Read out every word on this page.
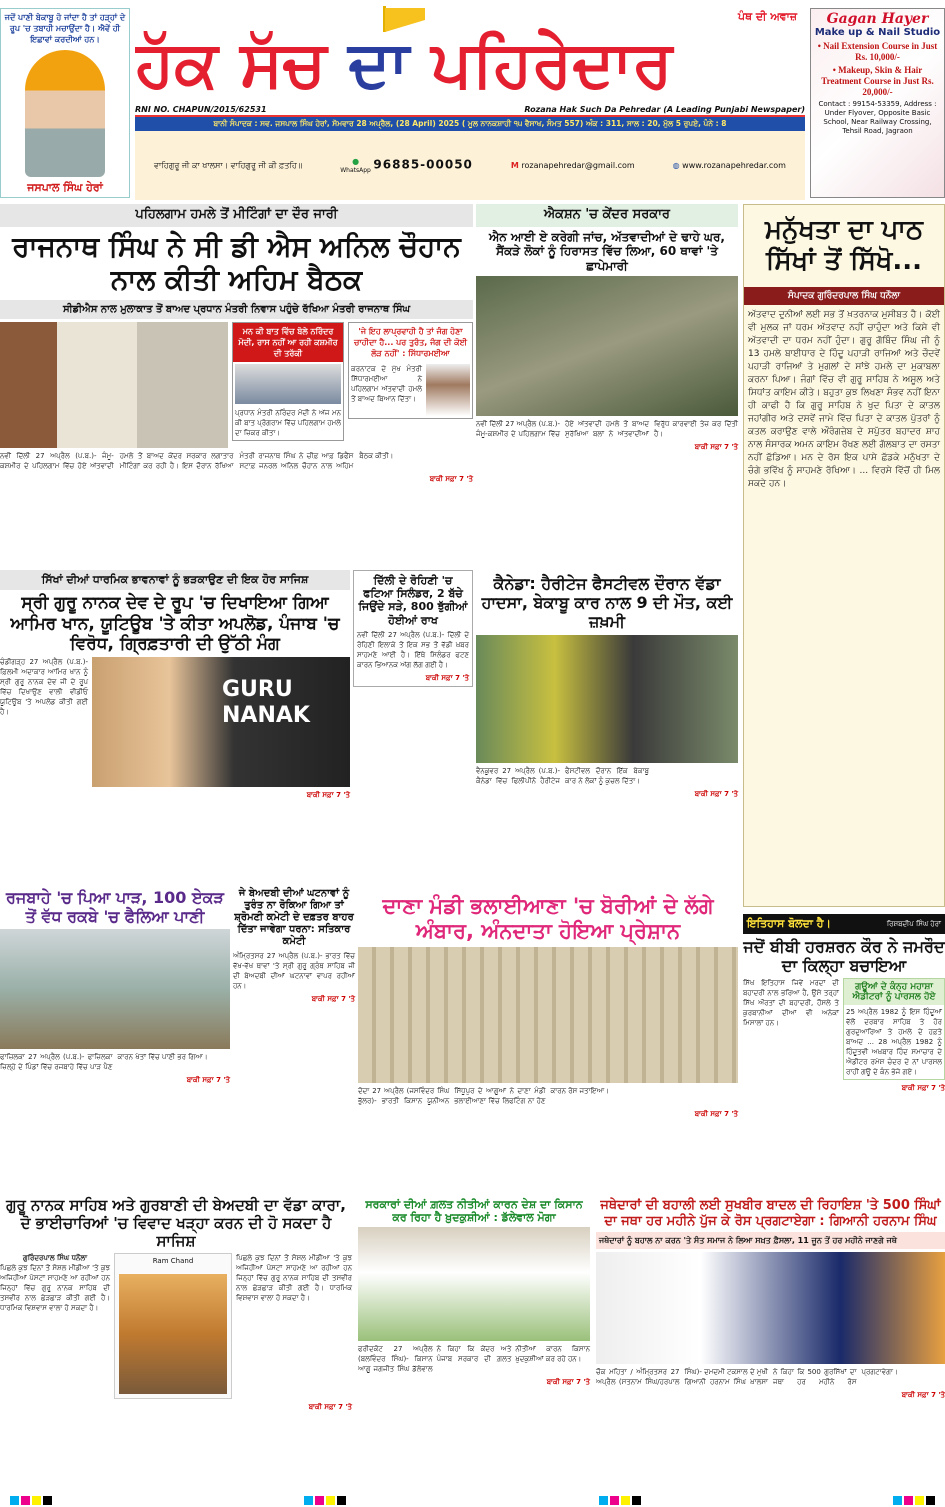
ਜਦੋਂ ਪਾਣੀ ਬੇਕਾਬੂ ਹੋ ਜਾਂਦਾ ਹੈ ਤਾਂ ਹੜ੍ਹਾਂ ਦੇ ਰੂਪ 'ਚ ਤਬਾਹੀ ਮਚਾਉਂਦਾ ਹੈ। ਐਵੇਂ ਹੀ ਇਛਾਵਾਂ ਕਰਦੀਆਂ ਹਨ।
ਜਸਪਾਲ ਸਿੰਘ ਹੇਰਾਂ
ਪੰਥ ਦੀ ਅਵਾਜ਼
ਹੱਕ ਸੱਚ ਦਾ ਪਹਿਰੇਦਾਰ
RNI NO. CHAPUN/2015/62531	Rozana Hak Such Da Pehredar (A Leading Punjabi Newspaper)
ਬਾਨੀ ਸੰਪਾਦਕ : ਸਵ. ਜਸਪਾਲ ਸਿੰਘ ਹੇਰਾਂ, ਸੋਮਵਾਰ 28 ਅਪ੍ਰੈਲ, (28 April) 2025 ( ਮੂਲ ਨਾਨਕਸ਼ਾਹੀ ੧੫ ਵੈਸਾਖ, ਸੰਮਤ 557) ਅੰਕ : 311, ਸਾਲ : 20, ਮੁੱਲ 5 ਰੁਪਏ, ਪੰਨੇ : 8
ਵਾਹਿਗੁਰੂ ਜੀ ਕਾ ਖਾਲਸਾ। ਵਾਹਿਗੁਰੂ ਜੀ ਕੀ ਫ਼ਤਹਿ॥	●
WhatsApp 96885-00050	M rozanapehredar@gmail.com	◍ www.rozanapehredar.com
Gagan Hayer
Make up & Nail Studio
• Nail Extension Course in Just Rs. 10,000/-
• Makeup, Skin & Hair Treatment Course in Just Rs. 20,000/-
Contact : 99154-53359, Address : Under Flyover, Opposite Basic School, Near Railway Crossing, Tehsil Road, Jagraon
ਪਹਿਲਗਾਮ ਹਮਲੇ ਤੋਂ ਮੀਟਿੰਗਾਂ ਦਾ ਦੌਰ ਜਾਰੀ
ਰਾਜਨਾਥ ਸਿੰਘ ਨੇ ਸੀ ਡੀ ਐਸ ਅਨਿਲ ਚੌਹਾਨ ਨਾਲ ਕੀਤੀ ਅਹਿਮ ਬੈਠਕ
ਸੀਡੀਐਸ ਨਾਲ ਮੁਲਾਕਾਤ ਤੋਂ ਬਾਅਦ ਪ੍ਰਧਾਨ ਮੰਤਰੀ ਨਿਵਾਸ ਪਹੁੰਚੇ ਰੱਖਿਆ ਮੰਤਰੀ ਰਾਜਨਾਥ ਸਿੰਘ
ਮਨ ਕੀ ਬਾਤ ਵਿੱਚ ਬੋਲੇ ਨਰਿੰਦਰ ਮੋਦੀ, ਰਾਸ ਨਹੀਂ ਆ ਰਹੀ ਕਸ਼ਮੀਰ ਦੀ ਤਰੱਕੀ
ਪ੍ਰਧਾਨ ਮੰਤਰੀ ਨਰਿੰਦਰ ਮੋਦੀ ਨੇ ਅੱਜ ਮਨ ਕੀ ਬਾਤ ਪ੍ਰੋਗਰਾਮ ਵਿੱਚ ਪਹਿਲਗਾਮ ਹਮਲੇ ਦਾ ਜ਼ਿਕਰ ਕੀਤਾ।
'ਜੇ ਇਹ ਲਾਪ੍ਰਵਾਹੀ ਹੈ ਤਾਂ ਜੰਗ ਹੋਣਾ ਚਾਹੀਦਾ ਹੈ... ਪਰ ਤੁਰੰਤ, ਜੰਗ ਦੀ ਕੋਈ ਲੋੜ ਨਹੀਂ' : ਸਿੱਧਾਰਮਈਆ
ਕਰਨਾਟਕ ਦੇ ਮੁੱਖ ਮੰਤਰੀ ਸਿੱਧਾਰਮਈਆ ਨੇ ਪਹਿਲਗਾਮ ਅੱਤਵਾਦੀ ਹਮਲੇ ਤੋਂ ਬਾਅਦ ਬਿਆਨ ਦਿੱਤਾ।
ਨਵੀਂ ਦਿੱਲੀ 27 ਅਪ੍ਰੈਲ (ਪ.ਬ.)- ਜੰਮੂ-ਕਸ਼ਮੀਰ ਦੇ ਪਹਿਲਗਾਮ ਵਿੱਚ ਹੋਏ ਅੱਤਵਾਦੀ ਹਮਲੇ ਤੋਂ ਬਾਅਦ ਕੇਂਦਰ ਸਰਕਾਰ ਲਗਾਤਾਰ ਮੀਟਿੰਗਾਂ ਕਰ ਰਹੀ ਹੈ। ਇਸ ਦੌਰਾਨ ਰੱਖਿਆ ਮੰਤਰੀ ਰਾਜਨਾਥ ਸਿੰਘ ਨੇ ਚੀਫ਼ ਆਫ਼ ਡਿਫੈਂਸ ਸਟਾਫ਼ ਜਨਰਲ ਅਨਿਲ ਚੌਹਾਨ ਨਾਲ ਅਹਿਮ ਬੈਠਕ ਕੀਤੀ।
ਬਾਕੀ ਸਫ਼ਾ 7 'ਤੇ
ਐਕਸ਼ਨ 'ਚ ਕੇਂਦਰ ਸਰਕਾਰ
ਐਨ ਆਈ ਏ ਕਰੇਗੀ ਜਾਂਚ, ਅੱਤਵਾਦੀਆਂ ਦੇ ਢਾਹੇ ਘਰ, ਸੈਂਕੜੇ ਲੋਕਾਂ ਨੂੰ ਹਿਰਾਸਤ ਵਿੱਚ ਲਿਆ, 60 ਥਾਵਾਂ 'ਤੇ ਛਾਪੇਮਾਰੀ
ਨਵੀਂ ਦਿੱਲੀ 27 ਅਪ੍ਰੈਲ (ਪ.ਬ.)- ਜੰਮੂ-ਕਸ਼ਮੀਰ ਦੇ ਪਹਿਲਗਾਮ ਵਿੱਚ ਹੋਏ ਅੱਤਵਾਦੀ ਹਮਲੇ ਤੋਂ ਬਾਅਦ ਸੁਰੱਖਿਆ ਬਲਾਂ ਨੇ ਅੱਤਵਾਦੀਆਂ ਵਿਰੁੱਧ ਕਾਰਵਾਈ ਤੇਜ਼ ਕਰ ਦਿੱਤੀ ਹੈ।
ਬਾਕੀ ਸਫ਼ਾ 7 'ਤੇ
ਮਨੁੱਖਤਾ ਦਾ ਪਾਠ ਸਿੱਖਾਂ ਤੋਂ ਸਿੱਖੋ...
ਸੰਪਾਦਕ ਗੁਰਿੰਦਰਪਾਲ ਸਿੰਘ ਧਨੌਲਾ
ਅੱਤਵਾਦ ਦੁਨੀਆਂ ਲਈ ਸਭ ਤੋਂ ਖ਼ਤਰਨਾਕ ਮੁਸੀਬਤ ਹੈ। ਕੋਈ ਵੀ ਮੁਲਕ ਜਾਂ ਧਰਮ ਅੱਤਵਾਦ ਨਹੀਂ ਚਾਹੁੰਦਾ ਅਤੇ ਕਿਸੇ ਵੀ ਅੱਤਵਾਦੀ ਦਾ ਧਰਮ ਨਹੀਂ ਹੁੰਦਾ। ਗੁਰੂ ਗੋਬਿੰਦ ਸਿੰਘ ਜੀ ਨੂੰ 13 ਹਮਲੇ ਬਾਈਧਾਰ ਦੇ ਹਿੰਦੂ ਪਹਾੜੀ ਰਾਜਿਆਂ ਅਤੇ ਚੌਦਵੇਂ ਪਹਾੜੀ ਰਾਜਿਆਂ ਤੇ ਮੁਗਲਾਂ ਦੇ ਸਾਂਝੇ ਹਮਲੇ ਦਾ ਮੁਕਾਬਲਾ ਕਰਨਾ ਪਿਆ। ਜੰਗਾਂ ਵਿੱਚ ਵੀ ਗੁਰੂ ਸਾਹਿਬ ਨੇ ਅਸੂਲ ਅਤੇ ਸਿਧਾਂਤ ਕਾਇਮ ਕੀਤੇ। ਬਹੁਤਾ ਕੁਝ ਲਿਖਣਾ ਸੰਭਵ ਨਹੀਂ ਇਨਾ ਹੀ ਕਾਫੀ ਹੈ ਕਿ ਗੁਰੂ ਸਾਹਿਬ ਨੇ ਖੁਦ ਪਿਤਾ ਦੇ ਕਾਤਲ ਜਹਾਂਗੀਰ ਅਤੇ ਦਸਵੇਂ ਜਾਮੇ ਵਿੱਚ ਪਿਤਾ ਦੇ ਕਾਤਲ ਪੁੱਤਰਾਂ ਨੂੰ ਕਤਲ ਕਰਾਉਣ ਵਾਲੇ ਔਰੰਗਜ਼ੇਬ ਦੇ ਸਪੁੱਤਰ ਬਹਾਦਰ ਸ਼ਾਹ ਨਾਲ ਸੰਸਾਰਕ ਅਮਨ ਕਾਇਮ ਰੱਖਣ ਲਈ ਗੱਲਬਾਤ ਦਾ ਰਸਤਾ ਨਹੀਂ ਛੱਡਿਆ। ਮਨ ਦੇ ਰੋਸ ਇਕ ਪਾਸੇ ਛੱਡਕੇ ਮਨੁੱਖਤਾ ਦੇ ਚੰਗੇ ਭਵਿੱਖ ਨੂੰ ਸਾਹਮਣੇ ਰੱਖਿਆ। ... ਵਿਰਸੇ ਵਿੱਚੋਂ ਹੀ ਮਿਲ ਸਕਦੇ ਹਨ।
ਸਿੱਖਾਂ ਦੀਆਂ ਧਾਰਮਿਕ ਭਾਵਨਾਵਾਂ ਨੂੰ ਭੜਕਾਉਣ ਦੀ ਇਕ ਹੋਰ ਸਾਜਿਸ਼
ਸ੍ਰੀ ਗੁਰੂ ਨਾਨਕ ਦੇਵ ਦੇ ਰੂਪ 'ਚ ਦਿਖਾਇਆ ਗਿਆ ਆਮਿਰ ਖਾਨ, ਯੂਟਿਊਬ 'ਤੇ ਕੀਤਾ ਅਪਲੋਡ, ਪੰਜਾਬ 'ਚ ਵਿਰੋਧ, ਗ੍ਰਿਫ਼ਤਾਰੀ ਦੀ ਉੱਠੀ ਮੰਗ
ਚੰਡੀਗੜ੍ਹ 27 ਅਪ੍ਰੈਲ (ਪ.ਬ.)- ਫ਼ਿਲਮੀ ਅਦਾਕਾਰ ਆਮਿਰ ਖਾਨ ਨੂੰ ਸ੍ਰੀ ਗੁਰੂ ਨਾਨਕ ਦੇਵ ਜੀ ਦੇ ਰੂਪ ਵਿੱਚ ਦਿਖਾਉਣ ਵਾਲੀ ਵੀਡੀਓ ਯੂਟਿਊਬ 'ਤੇ ਅਪਲੋਡ ਕੀਤੀ ਗਈ ਹੈ।
GURU NANAK
ਬਾਕੀ ਸਫ਼ਾ 7 'ਤੇ
ਦਿੱਲੀ ਦੇ ਰੋਹਿਣੀ 'ਚ ਫਟਿਆ ਸਿਲੰਡਰ, 2 ਬੱਚੇ ਜਿਉਂਦੇ ਸੜੇ, 800 ਝੁੱਗੀਆਂ ਹੋਈਆਂ ਰਾਖ
ਨਵੀਂ ਦਿੱਲੀ 27 ਅਪ੍ਰੈਲ (ਪ.ਬ.)- ਦਿੱਲੀ ਦੇ ਰੋਹਿਣੀ ਇਲਾਕੇ ਤੋਂ ਇਕ ਸਭ ਤੋਂ ਵੱਡੀ ਖ਼ਬਰ ਸਾਹਮਣੇ ਆਈ ਹੈ। ਇੱਥੇ ਸਿਲੰਡਰ ਫਟਣ ਕਾਰਨ ਭਿਆਨਕ ਅੱਗ ਲੱਗ ਗਈ ਹੈ।
ਬਾਕੀ ਸਫ਼ਾ 7 'ਤੇ
ਕੈਨੇਡਾ: ਹੈਰੀਟੇਜ ਫੈਸਟੀਵਲ ਦੌਰਾਨ ਵੱਡਾ ਹਾਦਸਾ, ਬੇਕਾਬੂ ਕਾਰ ਨਾਲ 9 ਦੀ ਮੌਤ, ਕਈ ਜ਼ਖ਼ਮੀ
ਵੈਨਕੂਵਰ 27 ਅਪ੍ਰੈਲ (ਪ.ਬ.)- ਕੈਨੇਡਾ ਵਿੱਚ ਫਿਲੀਪੀਨੋ ਹੈਰੀਟੇਜ ਫੈਸਟੀਵਲ ਦੌਰਾਨ ਇੱਕ ਬੇਕਾਬੂ ਕਾਰ ਨੇ ਲੋਕਾਂ ਨੂੰ ਕੁਚਲ ਦਿੱਤਾ।
ਬਾਕੀ ਸਫ਼ਾ 7 'ਤੇ
ਰਜਬਾਹੇ 'ਚ ਪਿਆ ਪਾੜ, 100 ਏਕੜ ਤੋਂ ਵੱਧ ਰਕਬੇ 'ਚ ਫੈਲਿਆ ਪਾਣੀ
ਫਾਜ਼ਿਲਕਾ 27 ਅਪ੍ਰੈਲ (ਪ.ਬ.)- ਫਾਜ਼ਿਲਕਾ ਜ਼ਿਲ੍ਹੇ ਦੇ ਪਿੰਡਾਂ ਵਿੱਚ ਰਜਬਾਹੇ ਵਿੱਚ ਪਾੜ ਪੈਣ ਕਾਰਨ ਖੇਤਾਂ ਵਿੱਚ ਪਾਣੀ ਭਰ ਗਿਆ।
ਬਾਕੀ ਸਫ਼ਾ 7 'ਤੇ
ਜੇ ਬੇਅਦਬੀ ਦੀਆਂ ਘਟਨਾਵਾਂ ਨੂੰ ਤੁਰੰਤ ਨਾ ਰੋਕਿਆ ਗਿਆ ਤਾਂ ਸ਼੍ਰੋਮਣੀ ਕਮੇਟੀ ਦੇ ਦਫ਼ਤਰ ਬਾਹਰ ਦਿੱਤਾ ਜਾਵੇਗਾ ਧਰਨਾ: ਸਤਿਕਾਰ ਕਮੇਟੀ
ਅੰਮ੍ਰਿਤਸਰ 27 ਅਪ੍ਰੈਲ (ਪ.ਬ.)- ਭਾਰਤ ਵਿੱਚ ਵੱਖ-ਵੱਖ ਥਾਵਾਂ 'ਤੇ ਸ੍ਰੀ ਗੁਰੂ ਗ੍ਰੰਥ ਸਾਹਿਬ ਜੀ ਦੀ ਬੇਅਦਬੀ ਦੀਆਂ ਘਟਨਾਵਾਂ ਵਾਪਰ ਰਹੀਆਂ ਹਨ।
ਬਾਕੀ ਸਫ਼ਾ 7 'ਤੇ
ਦਾਣਾ ਮੰਡੀ ਭਲਾਈਆਣਾ 'ਚ ਬੋਰੀਆਂ ਦੇ ਲੱਗੇ ਅੰਬਾਰ, ਅੰਨਦਾਤਾ ਹੋਇਆ ਪ੍ਰੇਸ਼ਾਨ
ਦੋਦਾ 27 ਅਪ੍ਰੈਲ (ਜਸਵਿੰਦਰ ਸਿੰਘ ਭੁੱਲਰ)- ਭਾਰਤੀ ਕਿਸਾਨ ਯੂਨੀਅਨ ਸਿੱਧੂਪੁਰ ਦੇ ਆਗੂਆਂ ਨੇ ਦਾਣਾ ਮੰਡੀ ਭਲਾਈਆਣਾ ਵਿੱਚ ਲਿਫਟਿੰਗ ਨਾ ਹੋਣ ਕਾਰਨ ਰੋਸ ਜਤਾਇਆ।
ਬਾਕੀ ਸਫ਼ਾ 7 'ਤੇ
ਇਤਿਹਾਸ ਬੋਲਦਾ ਹੈ।	ਰਿਸ਼ਬਦੀਪ ਸਿੰਘ ਹੇਰਾਂ
ਜਦੋਂ ਬੀਬੀ ਹਰਸ਼ਰਨ ਕੌਰ ਨੇ ਜਮਰੌਦ ਦਾ ਕਿਲ੍ਹਾ ਬਚਾਇਆ
ਸਿੱਖ ਇਤਿਹਾਸ ਜਿਵੇਂ ਮਰਦਾਂ ਦੀ ਬਹਾਦਰੀ ਨਾਲ ਭਰਿਆ ਹੈ, ਉਸੇ ਤਰ੍ਹਾਂ ਸਿੱਖ ਔਰਤਾਂ ਦੀ ਬਹਾਦਰੀ, ਹੌਸਲੇ ਤੇ ਕੁਰਬਾਨੀਆਂ ਦੀਆਂ ਵੀ ਅਨੇਕਾਂ ਮਿਸਾਲਾਂ ਹਨ।
ਗਊਆਂ ਦੇ ਕੰਨ੍ਹ ਮਹਾਸ਼ਾ ਐਡੀਟਰਾਂ ਨੂੰ ਪਾਰਸਲ ਹੋਏ
25 ਅਪ੍ਰੈਲ 1982 ਨੂੰ ਇਸ ਹਿੰਦੂਆਂ ਵੱਲੋਂ ਦਰਬਾਰ ਸਾਹਿਬ ਤੇ ਹੋਰ ਗੁਰਦੁਆਰਿਆਂ ਤੇ ਹਮਲੇ ਦੇ ਹਫ਼ਤੇ ਬਾਅਦ ... 28 ਅਪ੍ਰੈਲ 1982 ਨੂੰ ਹਿੰਦੂਤਵੀ ਅਖ਼ਬਾਰ ਹਿੰਦ ਸਮਾਚਾਰ ਦੇ ਐਡੀਟਰ ਰਮੇਸ਼ ਚੰਦਰ ਦੇ ਨਾਂ ਪਾਰਸਲ ਰਾਹੀਂ ਗਊ ਦੇ ਕੰਨ ਭੇਜੇ ਗਏ।
ਬਾਕੀ ਸਫ਼ਾ 7 'ਤੇ
ਗੁਰੂ ਨਾਨਕ ਸਾਹਿਬ ਅਤੇ ਗੁਰਬਾਣੀ ਦੀ ਬੇਅਦਬੀ ਦਾ ਵੱਡਾ ਕਾਰਾ, ਦੋ ਭਾਈਚਾਰਿਆਂ 'ਚ ਵਿਵਾਦ ਖੜ੍ਹਾ ਕਰਨ ਦੀ ਹੋ ਸਕਦਾ ਹੈ ਸਾਜਿਸ਼
ਗੁਰਿੰਦਰਪਾਲ ਸਿੰਘ ਧਨੌਲਾ
ਪਿਛਲੇ ਕੁਝ ਦਿਨਾਂ ਤੋਂ ਸੋਸ਼ਲ ਮੀਡੀਆ 'ਤੇ ਕੁਝ ਅਜਿਹੀਆਂ ਪੋਸਟਾਂ ਸਾਹਮਣੇ ਆ ਰਹੀਆਂ ਹਨ ਜਿਨ੍ਹਾਂ ਵਿੱਚ ਗੁਰੂ ਨਾਨਕ ਸਾਹਿਬ ਦੀ ਤਸਵੀਰ ਨਾਲ ਛੇੜਛਾੜ ਕੀਤੀ ਗਈ ਹੈ। ਧਾਰਮਿਕ ਵਿਸ਼ਵਾਸ ਵਾਲਾ ਹੋ ਸਕਦਾ ਹੈ।
Ram Chand	ਪਿਛਲੇ ਕੁਝ ਦਿਨਾਂ ਤੋਂ ਸੋਸ਼ਲ ਮੀਡੀਆ 'ਤੇ ਕੁਝ ਅਜਿਹੀਆਂ ਪੋਸਟਾਂ ਸਾਹਮਣੇ ਆ ਰਹੀਆਂ ਹਨ ਜਿਨ੍ਹਾਂ ਵਿੱਚ ਗੁਰੂ ਨਾਨਕ ਸਾਹਿਬ ਦੀ ਤਸਵੀਰ ਨਾਲ ਛੇੜਛਾੜ ਕੀਤੀ ਗਈ ਹੈ। ਧਾਰਮਿਕ ਵਿਸ਼ਵਾਸ ਵਾਲਾ ਹੋ ਸਕਦਾ ਹੈ।
ਬਾਕੀ ਸਫ਼ਾ 7 'ਤੇ
ਸਰਕਾਰਾਂ ਦੀਆਂ ਗ਼ਲਤ ਨੀਤੀਆਂ ਕਾਰਨ ਦੇਸ਼ ਦਾ ਕਿਸਾਨ ਕਰ ਰਿਹਾ ਹੈ ਖ਼ੁਦਕੁਸ਼ੀਆਂ : ਡੱਲੇਵਾਲ ਮੋਗਾ
ਫਰੀਦਕੋਟ 27 ਅਪ੍ਰੈਲ (ਬਲਵਿੰਦਰ ਸਿੰਘ)- ਕਿਸਾਨ ਆਗੂ ਜਗਜੀਤ ਸਿੰਘ ਡੱਲੇਵਾਲ ਨੇ ਕਿਹਾ ਕਿ ਕੇਂਦਰ ਅਤੇ ਪੰਜਾਬ ਸਰਕਾਰ ਦੀ ਗ਼ਲਤ ਨੀਤੀਆਂ ਕਾਰਨ ਕਿਸਾਨ ਖ਼ੁਦਕੁਸ਼ੀਆਂ ਕਰ ਰਹੇ ਹਨ।
ਬਾਕੀ ਸਫ਼ਾ 7 'ਤੇ
ਜਥੇਦਾਰਾਂ ਦੀ ਬਹਾਲੀ ਲਈ ਸੁਖਬੀਰ ਬਾਦਲ ਦੀ ਰਿਹਾਇਸ਼ 'ਤੇ 500 ਸਿੰਘਾਂ ਦਾ ਜਥਾ ਹਰ ਮਹੀਨੇ ਪੁੱਜ ਕੇ ਰੋਸ ਪ੍ਰਗਟਾਏਗਾ : ਗਿਆਨੀ ਹਰਨਾਮ ਸਿੰਘ
ਜਥੇਦਾਰਾਂ ਨੂੰ ਬਹਾਲ ਨਾ ਕਰਨ 'ਤੇ ਸੰਤ ਸਮਾਜ ਨੇ ਲਿਆ ਸਖ਼ਤ ਫ਼ੈਸਲਾ, 11 ਜੂਨ ਤੋਂ ਹਰ ਮਹੀਨੇ ਜਾਣਗੇ ਜਥੇ
ਚੌਕ ਮਹਿਤਾ / ਅੰਮ੍ਰਿਤਸਰ 27 ਅਪ੍ਰੈਲ (ਸਤਨਾਮ ਸਿੰਘ/ਹਰਪਾਲ ਸਿੰਘ)- ਦਮਦਮੀ ਟਕਸਾਲ ਦੇ ਮੁਖੀ ਗਿਆਨੀ ਹਰਨਾਮ ਸਿੰਘ ਖ਼ਾਲਸਾ ਨੇ ਕਿਹਾ ਕਿ 500 ਗੁਰਸਿੱਖਾਂ ਦਾ ਜਥਾ ਹਰ ਮਹੀਨੇ ਰੋਸ ਪ੍ਰਗਟਾਵੇਗਾ।
ਬਾਕੀ ਸਫ਼ਾ 7 'ਤੇ
